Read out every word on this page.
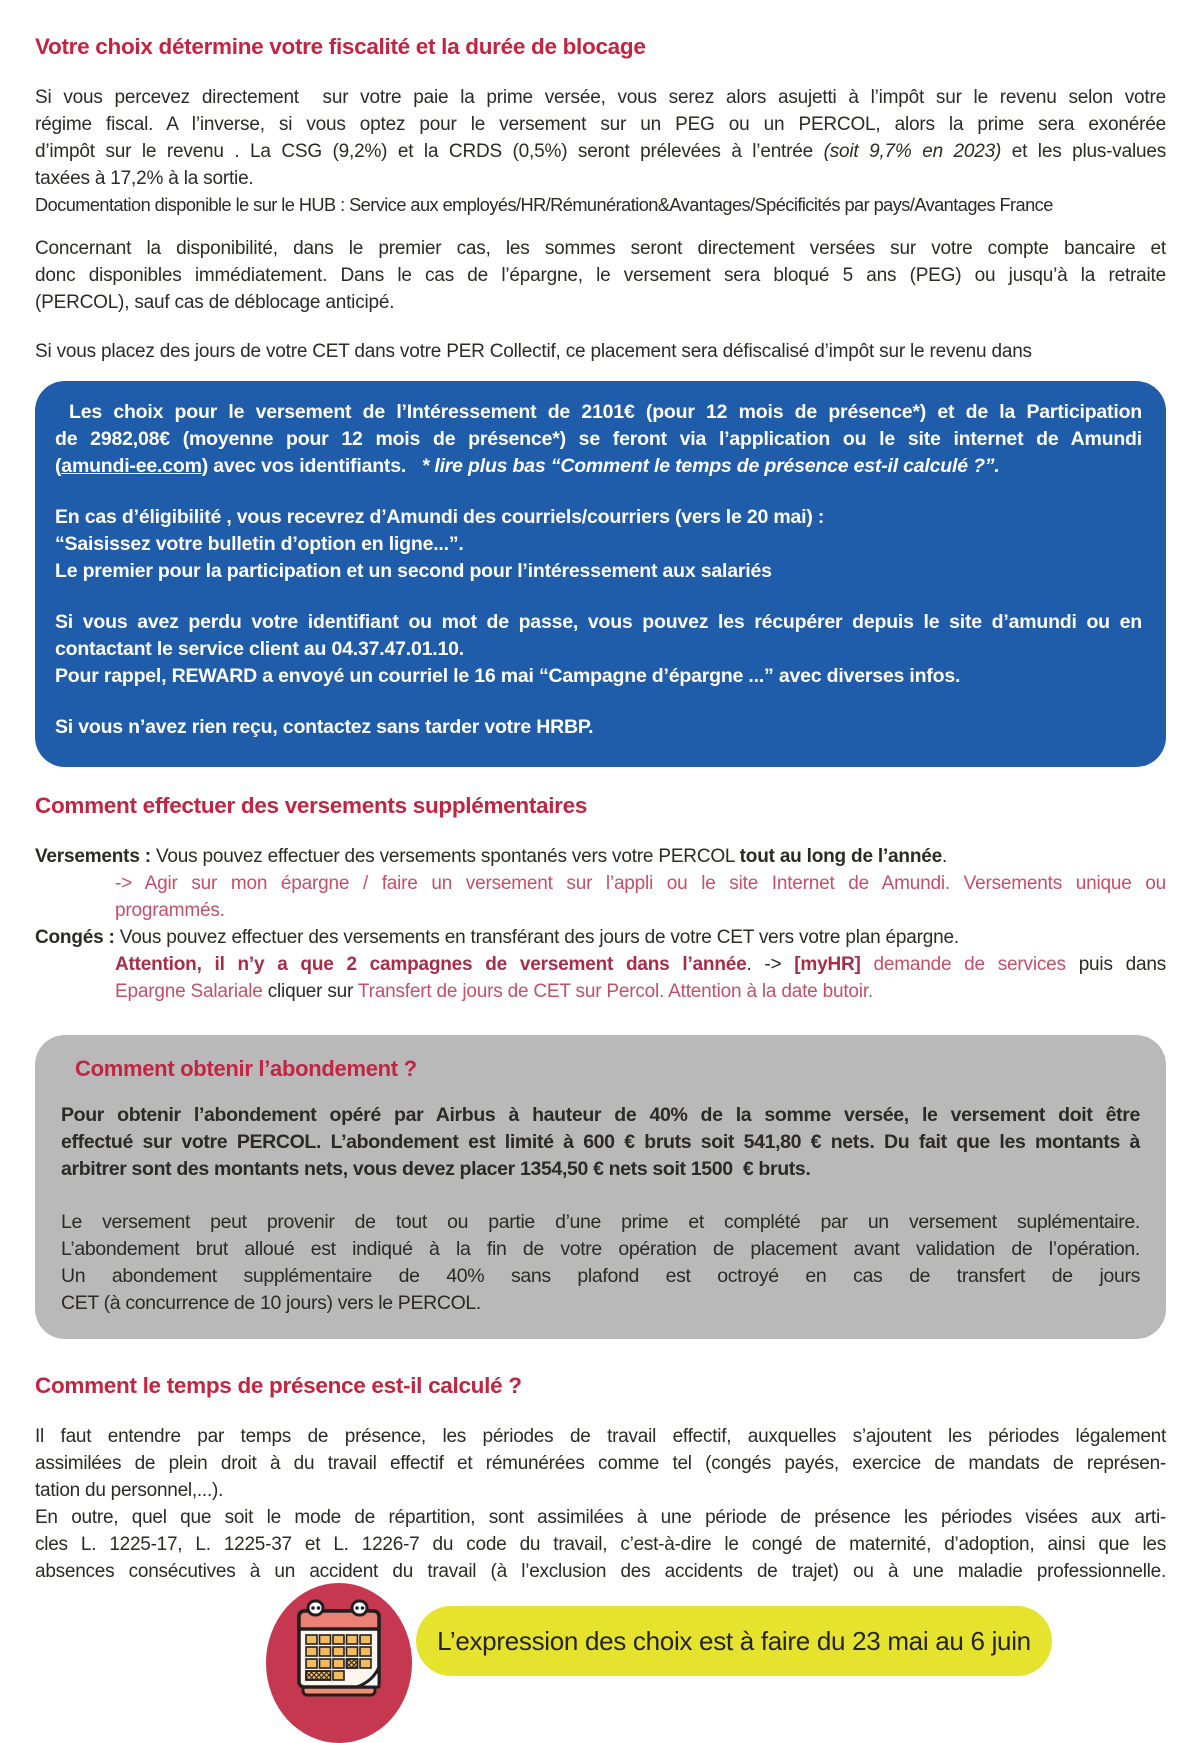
Votre choix détermine votre fiscalité et la durée de blocage
Si vous percevez directement  sur votre paie la prime versée, vous serez alors asujetti à l’impôt sur le revenu selon votre
régime fiscal. A l’inverse, si vous optez pour le versement sur un PEG ou un PERCOL, alors la prime sera exonérée
d’impôt sur le revenu . La CSG (9,2%) et la CRDS (0,5%) seront prélevées à l’entrée (soit 9,7% en 2023) et les plus-values
taxées à 17,2% à la sortie.
Documentation disponible le sur le HUB : Service aux employés/HR/Rémunération&Avantages/Spécificités par pays/Avantages France
Concernant la disponibilité, dans le premier cas, les sommes seront directement versées sur votre compte bancaire et
donc disponibles immédiatement. Dans le cas de l’épargne, le versement sera bloqué 5 ans (PEG) ou jusqu’à la retraite
(PERCOL), sauf cas de déblocage anticipé.
Si vous placez des jours de votre CET dans votre PER Collectif, ce placement sera défiscalisé d’impôt sur le revenu dans
Les choix pour le versement de l’Intéressement de 2101€ (pour 12 mois de présence*) et de la Participation
de 2982,08€ (moyenne pour 12 mois de présence*) se feront via l’application ou le site internet de Amundi
(amundi-ee.com) avec vos identifiants.   * lire plus bas “Comment le temps de présence est-il calculé ?”.
En cas d’éligibilité , vous recevrez d’Amundi des courriels/courriers (vers le 20 mai) :
“Saisissez votre bulletin d’option en ligne...”.
Le premier pour la participation et un second pour l’intéressement aux salariés
Si vous avez perdu votre identifiant ou mot de passe, vous pouvez les récupérer depuis le site d’amundi ou en
contactant le service client au 04.37.47.01.10.
Pour rappel, REWARD a envoyé un courriel le 16 mai “Campagne d’épargne ...” avec diverses infos.
Si vous n’avez rien reçu, contactez sans tarder votre HRBP.
Comment effectuer des versements supplémentaires
Versements : Vous pouvez effectuer des versements spontanés vers votre PERCOL tout au long de l’année.
-> Agir sur mon épargne / faire un versement sur l’appli ou le site Internet de Amundi. Versements unique ou
programmés.
Congés : Vous pouvez effectuer des versements en transférant des jours de votre CET vers votre plan épargne.
Attention, il n’y a que 2 campagnes de versement dans l’année. -> [myHR] demande de services puis dans
Epargne Salariale cliquer sur Transfert de jours de CET sur Percol. Attention à la date butoir.
Comment obtenir l’abondement ?
Pour obtenir l’abondement opéré par Airbus à hauteur de 40% de la somme versée, le versement doit être
effectué sur votre PERCOL. L’abondement est limité à 600 € bruts soit 541,80 € nets. Du fait que les montants à
arbitrer sont des montants nets, vous devez placer 1354,50 € nets soit 1500  € bruts.
Le versement peut provenir de tout ou partie d’une prime et complété par un versement suplémentaire.
L’abondement brut alloué est indiqué à la fin de votre opération de placement avant validation de l’opération.
Un abondement supplémentaire de 40% sans plafond est octroyé en cas de transfert de jours
CET (à concurrence de 10 jours) vers le PERCOL.
Comment le temps de présence est-il calculé ?
Il faut entendre par temps de présence, les périodes de travail effectif, auxquelles s’ajoutent les périodes légalement
assimilées de plein droit à du travail effectif et rémunérées comme tel (congés payés, exercice de mandats de représen-
tation du personnel,...).
En outre, quel que soit le mode de répartition, sont assimilées à une période de présence les périodes visées aux arti-
cles L. 1225-17, L. 1225-37 et L. 1226-7 du code du travail, c’est-à-dire le congé de maternité, d’adoption, ainsi que les
absences consécutives à un accident du travail (à l’exclusion des accidents de trajet) ou à une maladie professionnelle.
L’expression des choix est à faire du 23 mai au 6 juin
